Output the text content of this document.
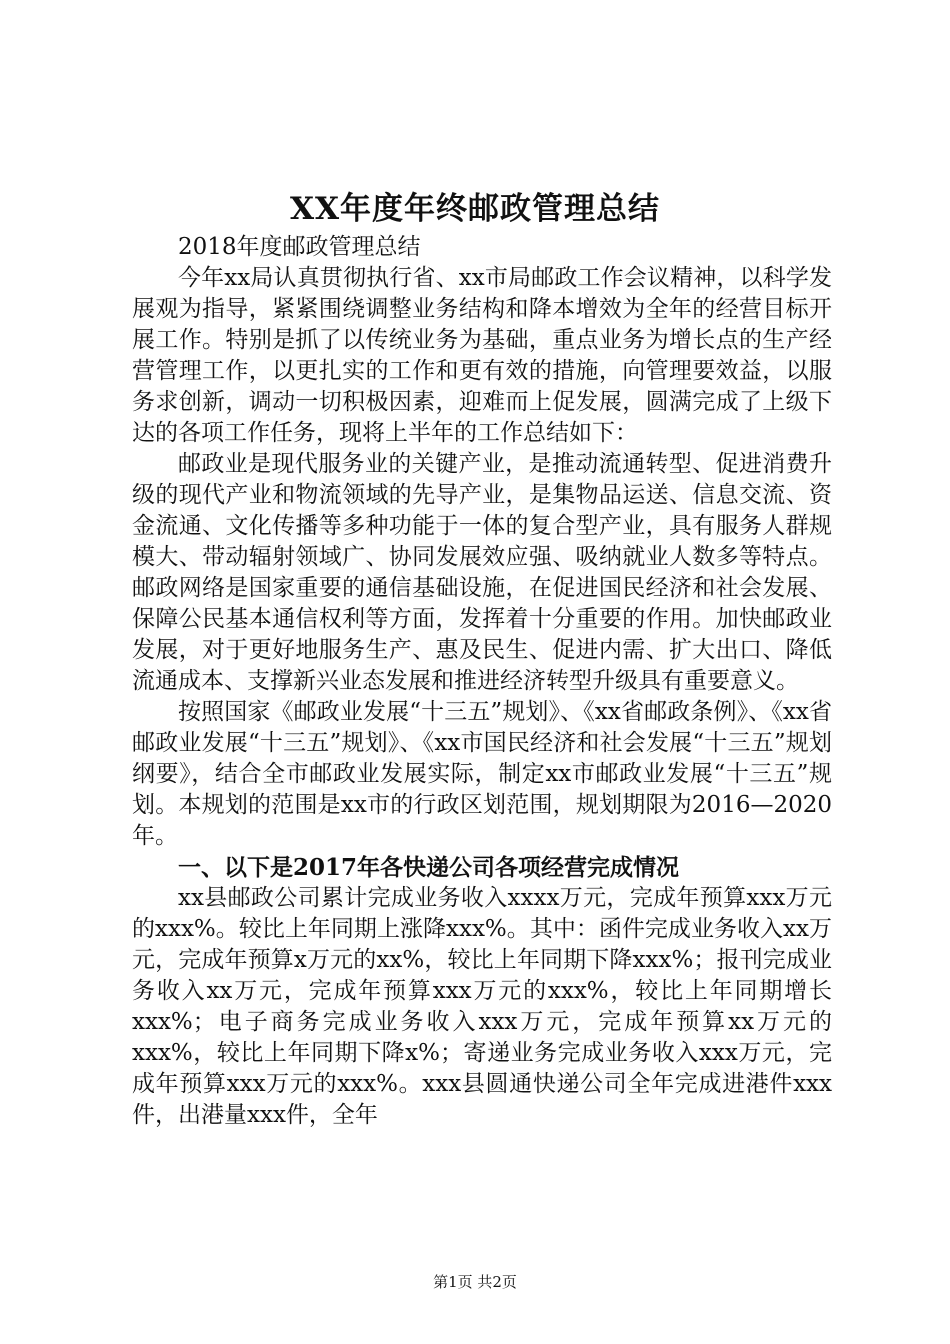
XX年度年终邮政管理总结

2018年度邮政管理总结

今年xx局认真贯彻执行省、xx市局邮政工作会议精神，以科学发展观为指导，紧紧围绕调整业务结构和降本增效为全年的经营目标开展工作。特别是抓了以传统业务为基础，重点业务为增长点的生产经营管理工作，以更扎实的工作和更有效的措施，向管理要效益，以服务求创新，调动一切积极因素，迎难而上促发展，圆满完成了上级下达的各项工作任务，现将上半年的工作总结如下：

邮政业是现代服务业的关键产业，是推动流通转型、促进消费升级的现代产业和物流领域的先导产业，是集物品运送、信息交流、资金流通、文化传播等多种功能于一体的复合型产业，具有服务人群规模大、带动辐射领域广、协同发展效应强、吸纳就业人数多等特点。邮政网络是国家重要的通信基础设施，在促进国民经济和社会发展、保障公民基本通信权利等方面，发挥着十分重要的作用。加快邮政业发展，对于更好地服务生产、惠及民生、促进内需、扩大出口、降低流通成本、支撑新兴业态发展和推进经济转型升级具有重要意义。

按照国家《邮政业发展“十三五”规划》、《xx省邮政条例》、《xx省邮政业发展“十三五”规划》、《xx市国民经济和社会发展“十三五”规划纲要》，结合全市邮政业发展实际，制定xx市邮政业发展“十三五”规划。本规划的范围是xx市的行政区划范围，规划期限为2016—2020年。

一、以下是2017年各快递公司各项经营完成情况

xx县邮政公司累计完成业务收入xxxx万元，完成年预算xxx万元的xxx%。较比上年同期上涨降xxx%。其中：函件完成业务收入xx万元，完成年预算x万元的xx%，较比上年同期下降xxx%；报刊完成业务收入xx万元，完成年预算xxx万元的xxx%，较比上年同期增长xxx%；电子商务完成业务收入xxx万元，完成年预算xx万元的xxx%，较比上年同期下降x%；寄递业务完成业务收入xxx万元，完成年预算xxx万元的xxx%。xxx县圆通快递公司全年完成进港件xxx件，出港量xxx件，全年

第1页 共2页
